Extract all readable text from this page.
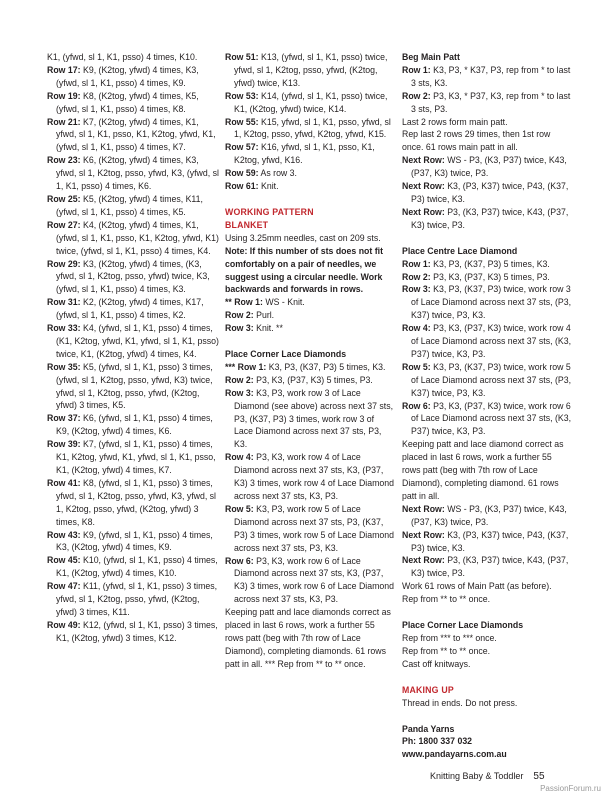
K1, (yfwd, sl 1, K1, psso) 4 times, K10.

Row 17: K9, (K2tog, yfwd) 4 times, K3, (yfwd, sl 1, K1, psso) 4 times, K9.

Row 19: K8, (K2tog, yfwd) 4 times, K5, (yfwd, sl 1, K1, psso) 4 times, K8.

Row 21: K7, (K2tog, yfwd) 4 times, K1, yfwd, sl 1, K1, psso, K1, K2tog, yfwd, K1, (yfwd, sl 1, K1, psso) 4 times, K7.

Row 23: K6, (K2tog, yfwd) 4 times, K3, yfwd, sl 1, K2tog, psso, yfwd, K3, (yfwd, sl 1, K1, psso) 4 times, K6.

Row 25: K5, (K2tog, yfwd) 4 times, K11, (yfwd, sl 1, K1, psso) 4 times, K5.

Row 27: K4, (K2tog, yfwd) 4 times, K1, (yfwd, sl 1, K1, psso, K1, K2tog, yfwd, K1) twice, (yfwd, sl 1, K1, psso) 4 times, K4.

Row 29: K3, (K2tog, yfwd) 4 times, (K3, yfwd, sl 1, K2tog, psso, yfwd) twice, K3, (yfwd, sl 1, K1, psso) 4 times, K3.

Row 31: K2, (K2tog, yfwd) 4 times, K17, (yfwd, sl 1, K1, psso) 4 times, K2.

Row 33: K4, (yfwd, sl 1, K1, psso) 4 times, (K1, K2tog, yfwd, K1, yfwd, sl 1, K1, psso) twice, K1, (K2tog, yfwd) 4 times, K4.

Row 35: K5, (yfwd, sl 1, K1, psso) 3 times, (yfwd, sl 1, K2tog, psso, yfwd, K3) twice, yfwd, sl 1, K2tog, psso, yfwd, (K2tog, yfwd) 3 times, K5.

Row 37: K6, (yfwd, sl 1, K1, psso) 4 times, K9, (K2tog, yfwd) 4 times, K6.

Row 39: K7, (yfwd, sl 1, K1, psso) 4 times, K1, K2tog, yfwd, K1, yfwd, sl 1, K1, psso, K1, (K2tog, yfwd) 4 times, K7.

Row 41: K8, (yfwd, sl 1, K1, psso) 3 times, yfwd, sl 1, K2tog, psso, yfwd, K3, yfwd, sl 1, K2tog, psso, yfwd, (K2tog, yfwd) 3 times, K8.

Row 43: K9, (yfwd, sl 1, K1, psso) 4 times, K3, (K2tog, yfwd) 4 times, K9.

Row 45: K10, (yfwd, sl 1, K1, psso) 4 times, K1, (K2tog, yfwd) 4 times, K10.

Row 47: K11, (yfwd, sl 1, K1, psso) 3 times, yfwd, sl 1, K2tog, psso, yfwd, (K2tog, yfwd) 3 times, K11.

Row 49: K12, (yfwd, sl 1, K1, psso) 3 times, K1, (K2tog, yfwd) 3 times, K12.

Row 51: K13, (yfwd, sl 1, K1, psso) twice, yfwd, sl 1, K2tog, psso, yfwd, (K2tog, yfwd) twice, K13.

Row 53: K14, (yfwd, sl 1, K1, psso) twice, K1, (K2tog, yfwd) twice, K14.

Row 55: K15, yfwd, sl 1, K1, psso, yfwd, sl 1, K2tog, psso, yfwd, K2tog, yfwd, K15.

Row 57: K16, yfwd, sl 1, K1, psso, K1, K2tog, yfwd, K16.

Row 59: As row 3.

Row 61: Knit.

WORKING PATTERN

BLANKET

Using 3.25mm needles, cast on 209 sts.

Note: If this number of sts does not fit comfortably on a pair of needles, we suggest using a circular needle. Work backwards and forwards in rows.

** Row 1: WS - Knit.

Row 2: Purl.

Row 3: Knit. **

Place Corner Lace Diamonds

*** Row 1: K3, P3, (K37, P3) 5 times, K3.

Row 2: P3, K3, (P37, K3) 5 times, P3.

Row 3: K3, P3, work row 3 of Lace Diamond (see above) across next 37 sts, P3, (K37, P3) 3 times, work row 3 of Lace Diamond across next 37 sts, P3, K3.

Row 4: P3, K3, work row 4 of Lace Diamond across next 37 sts, K3, (P37, K3) 3 times, work row 4 of Lace Diamond across next 37 sts, K3, P3.

Row 5: K3, P3, work row 5 of Lace Diamond across next 37 sts, P3, (K37, P3) 3 times, work row 5 of Lace Diamond across next 37 sts, P3, K3.

Row 6: P3, K3, work row 6 of Lace Diamond across next 37 sts, K3, (P37, K3) 3 times, work row 6 of Lace Diamond across next 37 sts, K3, P3.

Keeping patt and lace diamonds correct as placed in last 6 rows, work a further 55 rows patt (beg with 7th row of Lace Diamond), completing diamonds. 61 rows patt in all. *** Rep from ** to ** once.

Beg Main Patt

Row 1: K3, P3, * K37, P3, rep from * to last 3 sts, K3.

Row 2: P3, K3, * P37, K3, rep from * to last 3 sts, P3.

Last 2 rows form main patt.

Rep last 2 rows 29 times, then 1st row once. 61 rows main patt in all.

Next Row: WS - P3, (K3, P37) twice, K43, (P37, K3) twice, P3.

Next Row: K3, (P3, K37) twice, P43, (K37, P3) twice, K3.

Next Row: P3, (K3, P37) twice, K43, (P37, K3) twice, P3.

Place Centre Lace Diamond

Row 1: K3, P3, (K37, P3) 5 times, K3.

Row 2: P3, K3, (P37, K3) 5 times, P3.

Row 3: K3, P3, (K37, P3) twice, work row 3 of Lace Diamond across next 37 sts, (P3, K37) twice, P3, K3.

Row 4: P3, K3, (P37, K3) twice, work row 4 of Lace Diamond across next 37 sts, (K3, P37) twice, K3, P3.

Row 5: K3, P3, (K37, P3) twice, work row 5 of Lace Diamond across next 37 sts, (P3, K37) twice, P3, K3.

Row 6: P3, K3, (P37, K3) twice, work row 6 of Lace Diamond across next 37 sts, (K3, P37) twice, K3, P3.

Keeping patt and lace diamond correct as placed in last 6 rows, work a further 55 rows patt (beg with 7th row of Lace Diamond), completing diamond. 61 rows patt in all.

Next Row: WS - P3, (K3, P37) twice, K43, (P37, K3) twice, P3.

Next Row: K3, (P3, K37) twice, P43, (K37, P3) twice, K3.

Next Row: P3, (K3, P37) twice, K43, (P37, K3) twice, P3.

Work 61 rows of Main Patt (as before).

Rep from ** to ** once.

Place Corner Lace Diamonds

Rep from *** to *** once.

Rep from ** to ** once.

Cast off knitways.

MAKING UP

Thread in ends. Do not press.

Panda Yarns

Ph: 1800 337 032

www.pandayarns.com.au

Knitting Baby & Toddler 55
PassionForum.ru
